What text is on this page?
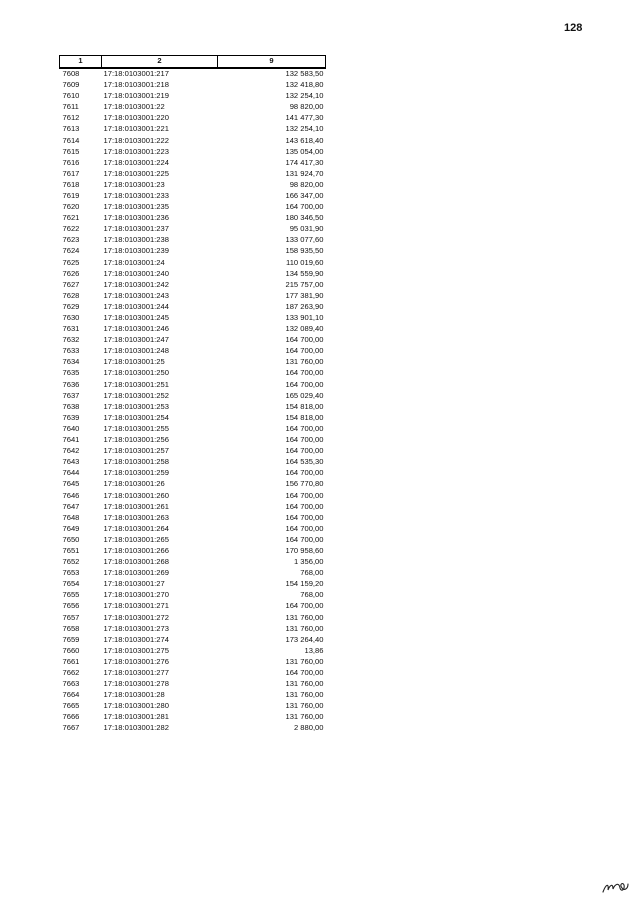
128
1	2	9
7608	17:18:0103001:217	132 583,50
7609	17:18:0103001:218	132 418,80
7610	17:18:0103001:219	132 254,10
7611	17:18:0103001:22	98 820,00
7612	17:18:0103001:220	141 477,30
7613	17:18:0103001:221	132 254,10
7614	17:18:0103001:222	143 618,40
7615	17:18:0103001:223	135 054,00
7616	17:18:0103001:224	174 417,30
7617	17:18:0103001:225	131 924,70
7618	17:18:0103001:23	98 820,00
7619	17:18:0103001:233	166 347,00
7620	17:18:0103001:235	164 700,00
7621	17:18:0103001:236	180 346,50
7622	17:18:0103001:237	95 031,90
7623	17:18:0103001:238	133 077,60
7624	17:18:0103001:239	158 935,50
7625	17:18:0103001:24	110 019,60
7626	17:18:0103001:240	134 559,90
7627	17:18:0103001:242	215 757,00
7628	17:18:0103001:243	177 381,90
7629	17:18:0103001:244	187 263,90
7630	17:18:0103001:245	133 901,10
7631	17:18:0103001:246	132 089,40
7632	17:18:0103001:247	164 700,00
7633	17:18:0103001:248	164 700,00
7634	17:18:0103001:25	131 760,00
7635	17:18:0103001:250	164 700,00
7636	17:18:0103001:251	164 700,00
7637	17:18:0103001:252	165 029,40
7638	17:18:0103001:253	154 818,00
7639	17:18:0103001:254	154 818,00
7640	17:18:0103001:255	164 700,00
7641	17:18:0103001:256	164 700,00
7642	17:18:0103001:257	164 700,00
7643	17:18:0103001:258	164 535,30
7644	17:18:0103001:259	164 700,00
7645	17:18:0103001:26	156 770,80
7646	17:18:0103001:260	164 700,00
7647	17:18:0103001:261	164 700,00
7648	17:18:0103001:263	164 700,00
7649	17:18:0103001:264	164 700,00
7650	17:18:0103001:265	164 700,00
7651	17:18:0103001:266	170 958,60
7652	17:18:0103001:268	1 356,00
7653	17:18:0103001:269	768,00
7654	17:18:0103001:27	154 159,20
7655	17:18:0103001:270	768,00
7656	17:18:0103001:271	164 700,00
7657	17:18:0103001:272	131 760,00
7658	17:18:0103001:273	131 760,00
7659	17:18:0103001:274	173 264,40
7660	17:18:0103001:275	13,86
7661	17:18:0103001:276	131 760,00
7662	17:18:0103001:277	164 700,00
7663	17:18:0103001:278	131 760,00
7664	17:18:0103001:28	131 760,00
7665	17:18:0103001:280	131 760,00
7666	17:18:0103001:281	131 760,00
7667	17:18:0103001:282	2 880,00
